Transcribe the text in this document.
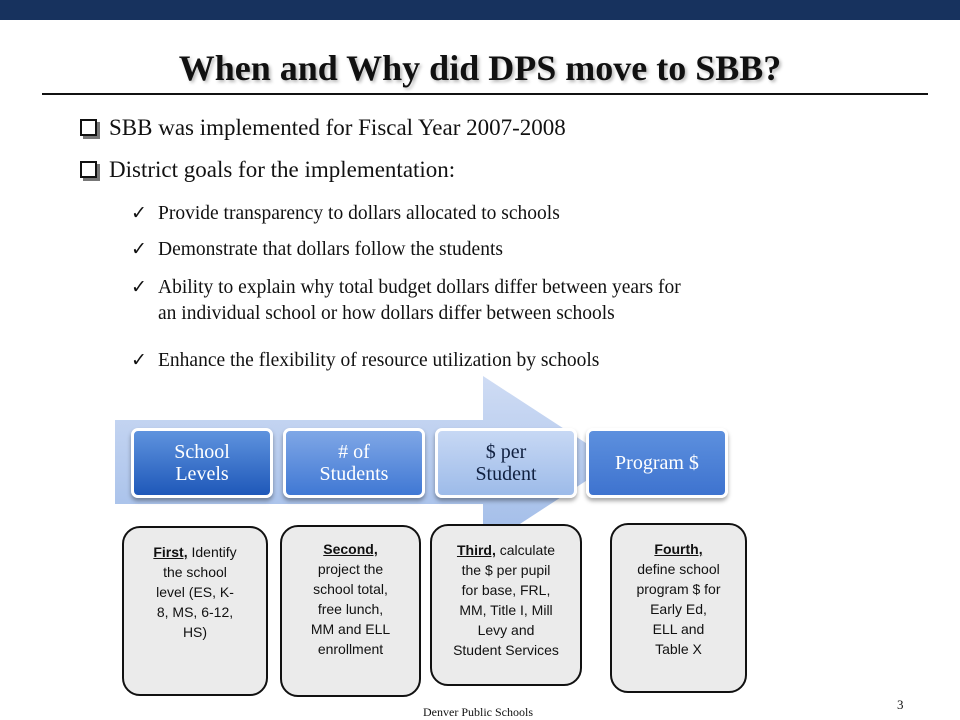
When and Why did DPS move to SBB?
SBB was implemented for Fiscal Year 2007-2008
District goals for the implementation:
✓ Provide transparency to dollars allocated to schools
✓ Demonstrate that dollars follow the students
✓ Ability to explain why total budget dollars differ between years for
an individual school or how dollars differ between schools
✓ Enhance the flexibility of resource utilization by schools
School
Levels
# of
Students
$ per
Student	Program $
First, Identify
the school
level (ES, K-
8, MS, 6-12,
HS)
Second,
project the
school total,
free lunch,
MM and ELL
enrollment
Third, calculate
the $ per pupil
for base, FRL,
MM, Title I, Mill
Levy and
Student Services
Fourth,
define school
program $ for
Early Ed,
ELL and
Table X
Denver Public Schools	3
